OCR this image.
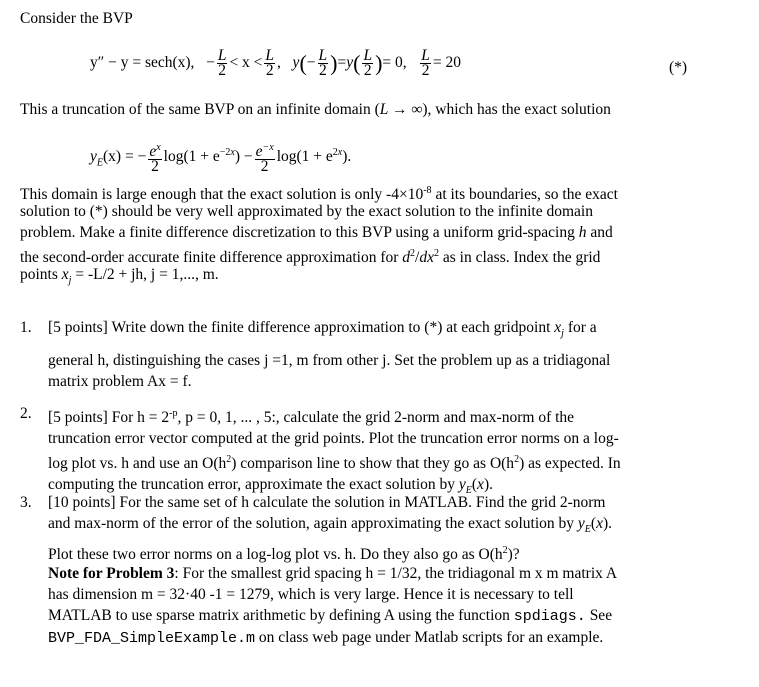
Consider the BVP
y″ − y = sech(x),   − $\frac{L}{2} < x < \frac{L}{2}$ ,   $y(- \frac{L}{2} )=y( \frac{L}{2}$ )= 0, $\frac{L}{2} = 20$	(*)
This a truncation of the same BVP on an infinite domain (L → ∞), which has the exact solution
$y_E(x)$ = − $\frac{e^x}{2} \log(1 + e^{-2x}) - \frac{e^{-x}}{2} \log(1 + e^{2x})$.
This domain is large enough that the exact solution is only $-4\times 10^{-8}$ at its boundaries, so the exact
solution to (*) should be very well approximated by the exact solution to the infinite domain
problem. Make a finite difference discretization to this BVP using a uniform grid-spacing h and
the second-order accurate finite difference approximation for $d^2/dx^2$ as in class. Index the grid
points $x_j = -L/2$ + jh, j = 1,..., m.
1.	[5 points] Write down the finite difference approximation to (*) at each gridpoint $x_j$ for a
general h, distinguishing the cases j =1, m from other j. Set the problem up as a tridiagonal
matrix problem Ax = f.
2.	[5 points] For $h = 2^{-p}$, p = 0, 1, ... , 5:, calculate the grid 2-norm and max-norm of the
truncation error vector computed at the grid points. Plot the truncation error norms on a log-
log plot vs. h and use an $O(h^2)$ comparison line to show that they go as $O(h^2)$ as expected. In
computing the truncation error, approximate the exact solution by $y_E(x)$.
3.	[10 points] For the same set of h calculate the solution in MATLAB. Find the grid 2-norm
and max-norm of the error of the solution, again approximating the exact solution by $y_E(x)$.
Plot these two error norms on a log-log plot vs. h. Do they also go as $O(h^2)$?
Note for Problem 3: For the smallest grid spacing h = 1/32, the tridiagonal m x m matrix A
has dimension m = 32·40 -1 = 1279, which is very large. Hence it is necessary to tell
MATLAB to use sparse matrix arithmetic by defining A using the function spdiags. See
BVP_FDA_SimpleExample.m on class web page under Matlab scripts for an example.
